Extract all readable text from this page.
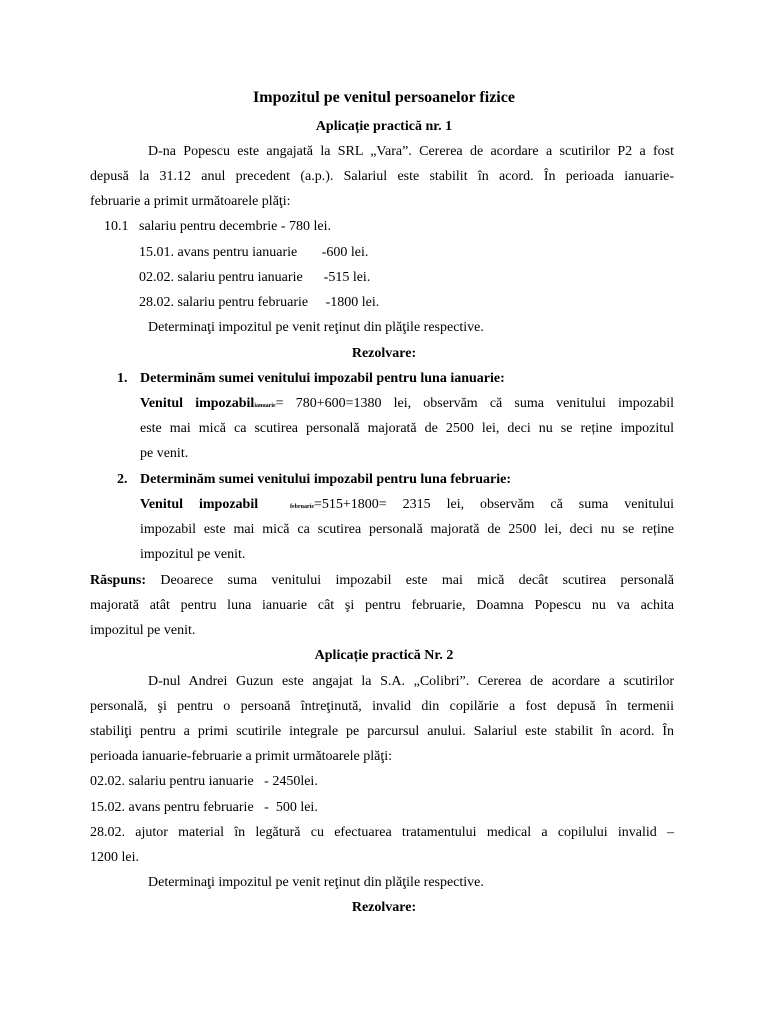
Impozitul pe venitul persoanelor fizice
Aplicație practică nr. 1
D-na Popescu este angajată la SRL „Vara”. Cererea de acordare a scutirilor P2 a fost
depusă la 31.12 anul precedent (a.p.). Salariul este stabilit în acord. În perioada ianuarie-
februarie a primit următoarele plăţi:
10.1   salariu pentru decembrie - 780 lei.
15.01. avans pentru ianuarie       -600 lei.
02.02. salariu pentru ianuarie      -515 lei.
28.02. salariu pentru februarie     -1800 lei.
Determinaţi impozitul pe venit reţinut din plăţile respective.
Rezolvare:
1. Determinăm sumei venitului impozabil pentru luna ianuarie:
Venitul impozabilianuarie= 780+600=1380 lei, observăm că suma venitului impozabil
este mai mică ca scutirea personală majorată de 2500 lei, deci nu se reține impozitul
pe venit.
2. Determinăm sumei venitului impozabil pentru luna februarie:
Venitul impozabil	februarie=515+1800= 2315 lei, observăm că suma venitului
impozabil este mai mică ca scutirea personală majorată de 2500 lei, deci nu se reține
impozitul pe venit.
Răspuns: Deoarece suma venitului impozabil este mai mică decât scutirea personală
majorată atât pentru luna ianuarie cât şi pentru februarie, Doamna Popescu nu va achita
impozitul pe venit.
Aplicație practică Nr. 2
D-nul Andrei Guzun este angajat la S.A. „Colibri”. Cererea de acordare a scutirilor
personală, şi pentru o persoană întreţinută, invalid din copilărie a fost depusă în termenii
stabiliţi pentru a primi scutirile integrale pe parcursul anului. Salariul este stabilit în acord. În
perioada ianuarie-februarie a primit următoarele plăţi:
02.02. salariu pentru ianuarie   - 2450lei.
15.02. avans pentru februarie   -  500 lei.
28.02. ajutor material în legătură cu efectuarea tratamentului medical a copilului invalid –
1200 lei.
Determinaţi impozitul pe venit reţinut din plăţile respective.
Rezolvare:
